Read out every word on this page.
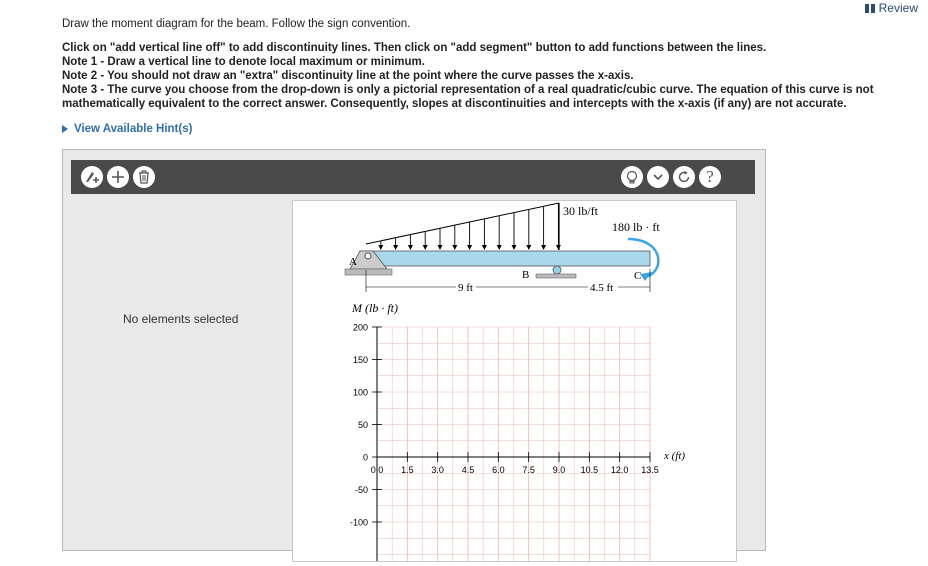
Review
Draw the moment diagram for the beam. Follow the sign convention.
Click on "add vertical line off" to add discontinuity lines. Then click on "add segment" button to add functions between the lines.
Note 1 - Draw a vertical line to denote local maximum or minimum.
Note 2 - You should not draw an "extra" discontinuity line at the point where the curve passes the x-axis.
Note 3 - The curve you choose from the drop-down is only a pictorial representation of a real quadratic/cubic curve. The equation of this curve is not mathematically equivalent to the correct answer. Consequently, slopes at discontinuities and intercepts with the x-axis (if any) are not accurate.
View Available Hint(s)
?
No elements selected
30 lb/ft
A
B	C
180 lb · ft
9 ft	4.5 ft
M (lb · ft)
0.0 1.5 3.0 4.5 6.0 7.5 9.0 10.5 12.0 13.5
200
150
100
50
0
-50
-100
x (ft)
